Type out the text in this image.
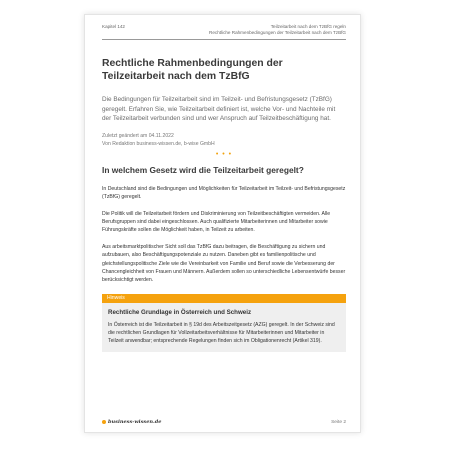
Kapitel 142	Teilzeitarbeit nach dem TzBfG regeln
Rechtliche Rahmenbedingungen der Teilzeitarbeit nach dem TzBfG
Rechtliche Rahmenbedingungen der Teilzeitarbeit nach dem TzBfG

Die Bedingungen für Teilzeitarbeit sind im Teilzeit- und Befristungsgesetz (TzBfG) geregelt. Erfahren Sie, wie Teilzeitarbeit definiert ist, welche Vor- und Nachteile mit der Teilzeitarbeit verbunden sind und wer Anspruch auf Teilzeitbeschäftigung hat.

Zuletzt geändert am 04.11.2022
Von Redaktion business-wissen.de, b-wise GmbH
• • •
In welchem Gesetz wird die Teilzeitarbeit geregelt?

In Deutschland sind die Bedingungen und Möglichkeiten für Teilzeitarbeit im Teilzeit- und Befristungsgesetz (TzBfG) geregelt.

Die Politik will die Teilzeitarbeit fördern und Diskriminierung von Teilzeitbeschäftigten vermeiden. Alle Berufsgruppen sind dabei eingeschlossen. Auch qualifizierte Mitarbeiterinnen und Mitarbeiter sowie Führungskräfte sollen die Möglichkeit haben, in Teilzeit zu arbeiten.

Aus arbeitsmarktpolitischer Sicht soll das TzBfG dazu beitragen, die Beschäftigung zu sichern und aufzubauen, also Beschäftigungspotenziale zu nutzen. Daneben gibt es familienpolitische und gleichstellungspolitische Ziele wie die Vereinbarkeit von Familie und Beruf sowie die Verbesserung der Chancengleichheit von Frauen und Männern. Außerdem sollen so unterschiedliche Lebensentwürfe besser berücksichtigt werden.

Hinweis

Rechtliche Grundlage in Österreich und Schweiz

In Österreich ist die Teilzeitarbeit in § 19d des Arbeitszeitgesetz (AZG) geregelt. In der Schweiz sind die rechtlichen Grundlagen für Vollzeitarbeitsverhältnisse für Mitarbeiterinnen und Mitarbeiter in Teilzeit anwendbar; entsprechende Regelungen finden sich im Obligationenrecht (Artikel 319).

business-wissen.de	Seite 2
